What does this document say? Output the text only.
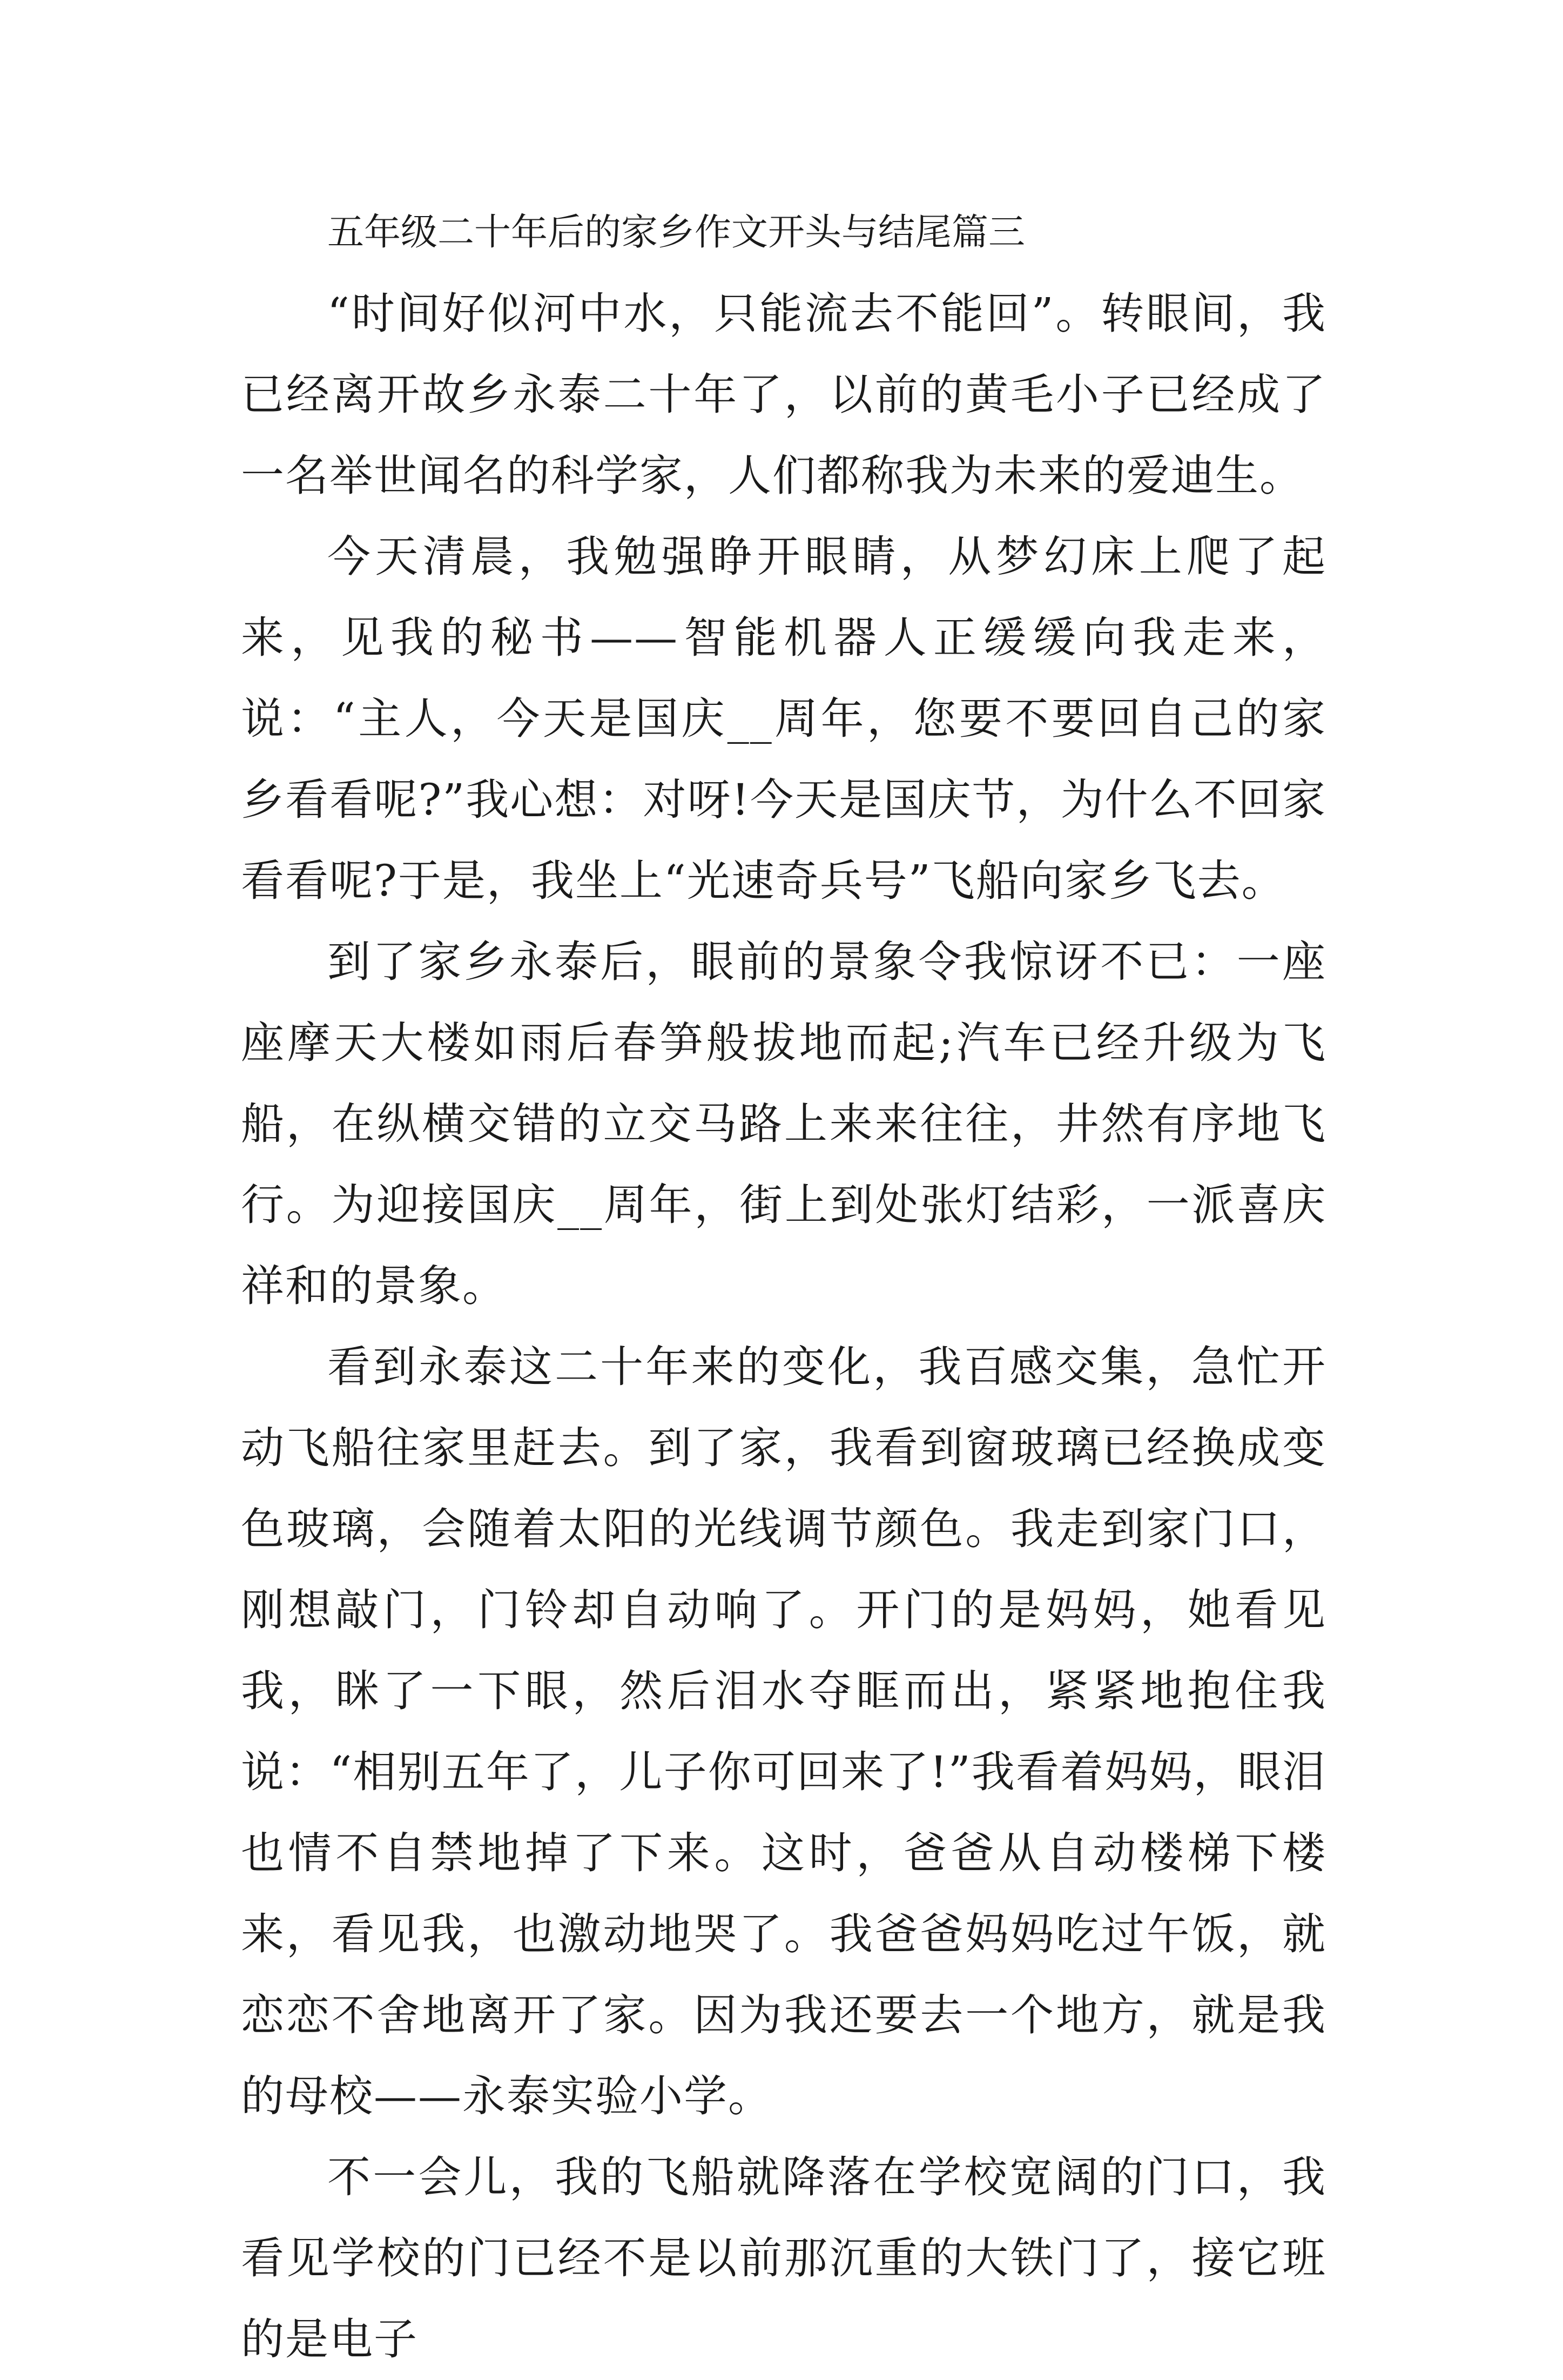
五年级二十年后的家乡作文开头与结尾篇三

“时间好似河中水，只能流去不能回”。转眼间，我已经离开故乡永泰二十年了，以前的黄毛小子已经成了一名举世闻名的科学家，人们都称我为未来的爱迪生。

今天清晨，我勉强睁开眼睛，从梦幻床上爬了起来，见我的秘书——智能机器人正缓缓向我走来，说：“主人，今天是国庆__周年，您要不要回自己的家乡看看呢?”我心想：对呀!今天是国庆节，为什么不回家看看呢?于是，我坐上“光速奇兵号”飞船向家乡飞去。

到了家乡永泰后，眼前的景象令我惊讶不已：一座座摩天大楼如雨后春笋般拔地而起;汽车已经升级为飞船，在纵横交错的立交马路上来来往往，井然有序地飞行。为迎接国庆__周年，街上到处张灯结彩，一派喜庆祥和的景象。

看到永泰这二十年来的变化，我百感交集，急忙开动飞船往家里赶去。到了家，我看到窗玻璃已经换成变色玻璃，会随着太阳的光线调节颜色。我走到家门口，刚想敲门，门铃却自动响了。开门的是妈妈，她看见我，眯了一下眼，然后泪水夺眶而出，紧紧地抱住我说：“相别五年了，儿子你可回来了!”我看着妈妈，眼泪也情不自禁地掉了下来。这时，爸爸从自动楼梯下楼来，看见我，也激动地哭了。我爸爸妈妈吃过午饭，就恋恋不舍地离开了家。因为我还要去一个地方，就是我的母校——永泰实验小学。

不一会儿，我的飞船就降落在学校宽阔的门口，我看见学校的门已经不是以前那沉重的大铁门了，接它班的是电子
